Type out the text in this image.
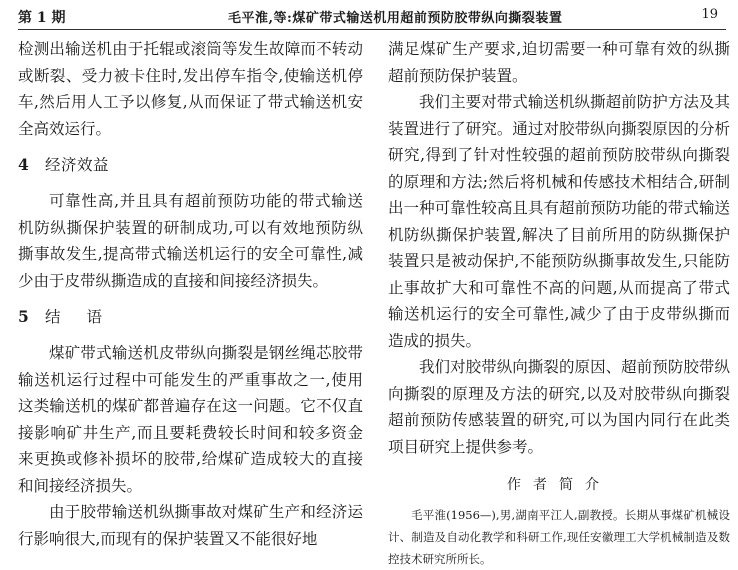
第 1 期	毛平淮,等:煤矿带式输送机用超前预防胶带纵向撕裂装置	19

检测出输送机由于托辊或滚筒等发生故障而不转动或断裂、受力被卡住时,发出停车指令,使输送机停车,然后用人工予以修复,从而保证了带式输送机安全高效运行。

4 经济效益

可靠性高,并且具有超前预防功能的带式输送机防纵撕保护装置的研制成功,可以有效地预防纵撕事故发生,提高带式输送机运行的安全可靠性,减少由于皮带纵撕造成的直接和间接经济损失。

5 结语

煤矿带式输送机皮带纵向撕裂是钢丝绳芯胶带输送机运行过程中可能发生的严重事故之一,使用这类输送机的煤矿都普遍存在这一问题。它不仅直接影响矿井生产,而且要耗费较长时间和较多资金来更换或修补损坏的胶带,给煤矿造成较大的直接和间接经济损失。

由于胶带输送机纵撕事故对煤矿生产和经济运行影响很大,而现有的保护装置又不能很好地

满足煤矿生产要求,迫切需要一种可靠有效的纵撕超前预防保护装置。

我们主要对带式输送机纵撕超前防护方法及其装置进行了研究。通过对胶带纵向撕裂原因的分析研究,得到了针对性较强的超前预防胶带纵向撕裂的原理和方法;然后将机械和传感技术相结合,研制出一种可靠性较高且具有超前预防功能的带式输送机防纵撕保护装置,解决了目前所用的防纵撕保护装置只是被动保护,不能预防纵撕事故发生,只能防止事故扩大和可靠性不高的问题,从而提高了带式输送机运行的安全可靠性,减少了由于皮带纵撕而造成的损失。

我们对胶带纵向撕裂的原因、超前预防胶带纵向撕裂的原理及方法的研究,以及对胶带纵向撕裂超前预防传感装置的研究,可以为国内同行在此类项目研究上提供参考。

作者简介

毛平淮(1956—),男,湖南平江人,副教授。长期从事煤矿机械设计、制造及自动化教学和科研工作,现任安徽理工大学机械制造及数控技术研究所所长。
